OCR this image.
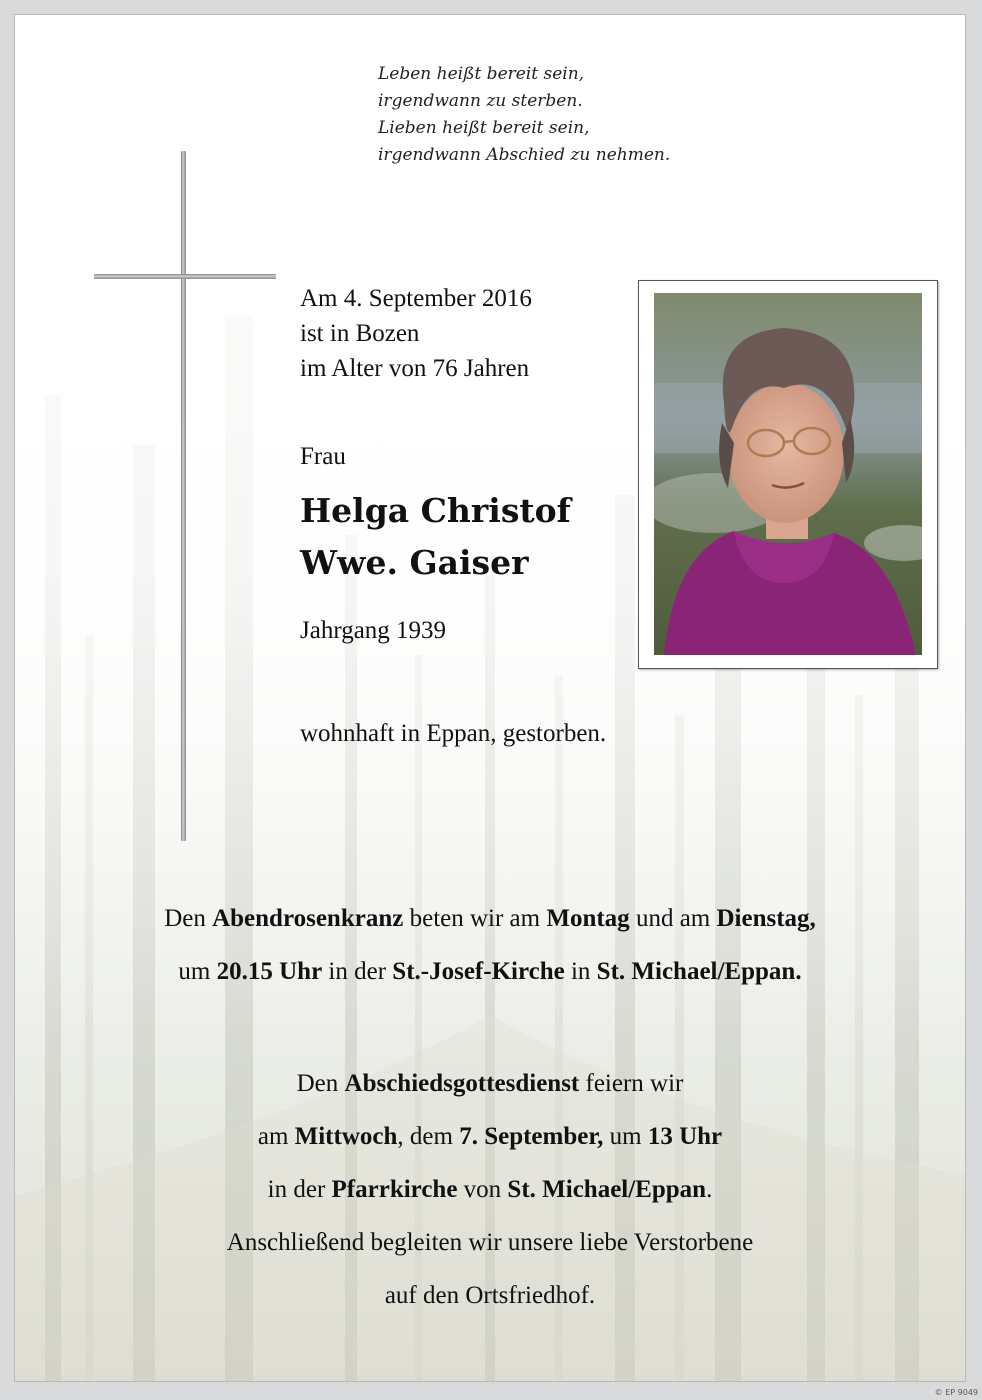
Leben heißt bereit sein,
irgendwann zu sterben.
Lieben heißt bereit sein,
irgendwann Abschied zu nehmen.
Am 4. September 2016
ist in Bozen
im Alter von 76 Jahren
Frau
Helga Christof
Wwe. Gaiser
Jahrgang 1939
wohnhaft in Eppan, gestorben.
Den Abendrosenkranz beten wir am Montag und am Dienstag,
um 20.15 Uhr in der St.-Josef-Kirche in St. Michael/Eppan.
Den Abschiedsgottesdienst feiern wir
am Mittwoch, dem 7. September, um 13 Uhr
in der Pfarrkirche von St. Michael/Eppan.
Anschließend begleiten wir unsere liebe Verstorbene
auf den Ortsfriedhof.
© EP 9049
